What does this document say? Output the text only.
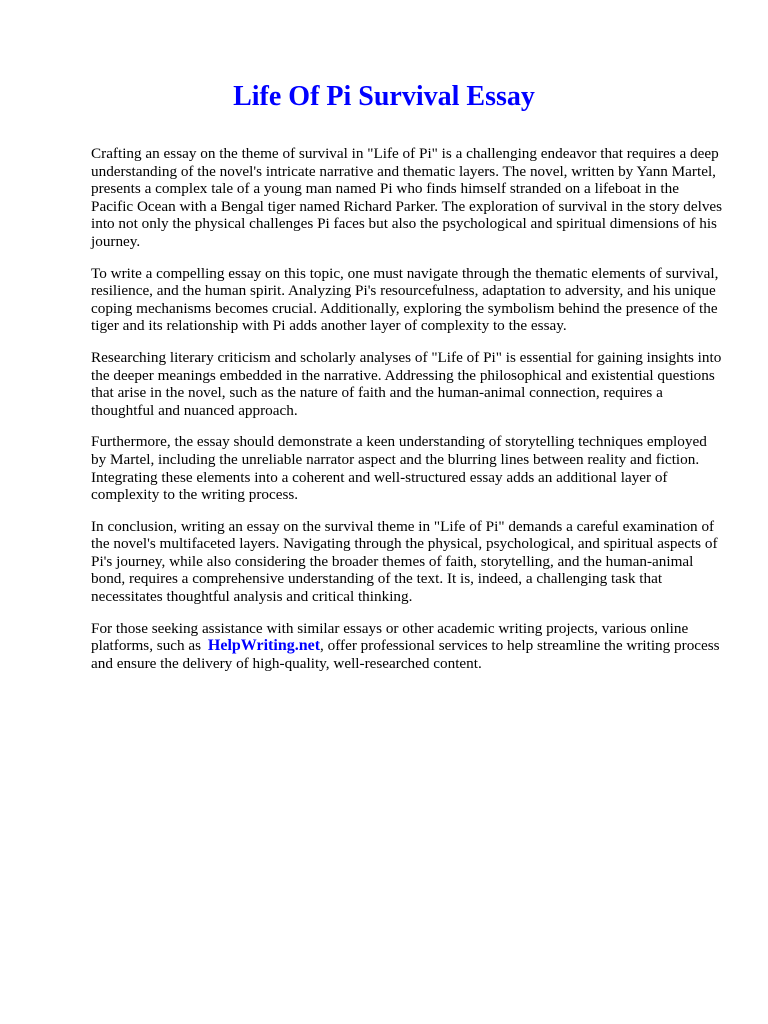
Life Of Pi Survival Essay

Crafting an essay on the theme of survival in "Life of Pi" is a challenging endeavor that requires a deep understanding of the novel's intricate narrative and thematic layers. The novel, written by Yann Martel, presents a complex tale of a young man named Pi who finds himself stranded on a lifeboat in the Pacific Ocean with a Bengal tiger named Richard Parker. The exploration of survival in the story delves into not only the physical challenges Pi faces but also the psychological and spiritual dimensions of his journey.

To write a compelling essay on this topic, one must navigate through the thematic elements of survival, resilience, and the human spirit. Analyzing Pi's resourcefulness, adaptation to adversity, and his unique coping mechanisms becomes crucial. Additionally, exploring the symbolism behind the presence of the tiger and its relationship with Pi adds another layer of complexity to the essay.

Researching literary criticism and scholarly analyses of "Life of Pi" is essential for gaining insights into the deeper meanings embedded in the narrative. Addressing the philosophical and existential questions that arise in the novel, such as the nature of faith and the human-animal connection, requires a thoughtful and nuanced approach.

Furthermore, the essay should demonstrate a keen understanding of storytelling techniques employed by Martel, including the unreliable narrator aspect and the blurring lines between reality and fiction. Integrating these elements into a coherent and well-structured essay adds an additional layer of complexity to the writing process.

In conclusion, writing an essay on the survival theme in "Life of Pi" demands a careful examination of the novel's multifaceted layers. Navigating through the physical, psychological, and spiritual aspects of Pi's journey, while also considering the broader themes of faith, storytelling, and the human-animal bond, requires a comprehensive understanding of the text. It is, indeed, a challenging task that necessitates thoughtful analysis and critical thinking.

For those seeking assistance with similar essays or other academic writing projects, various online platforms, such as HelpWriting.net, offer professional services to help streamline the writing process and ensure the delivery of high-quality, well-researched content.
